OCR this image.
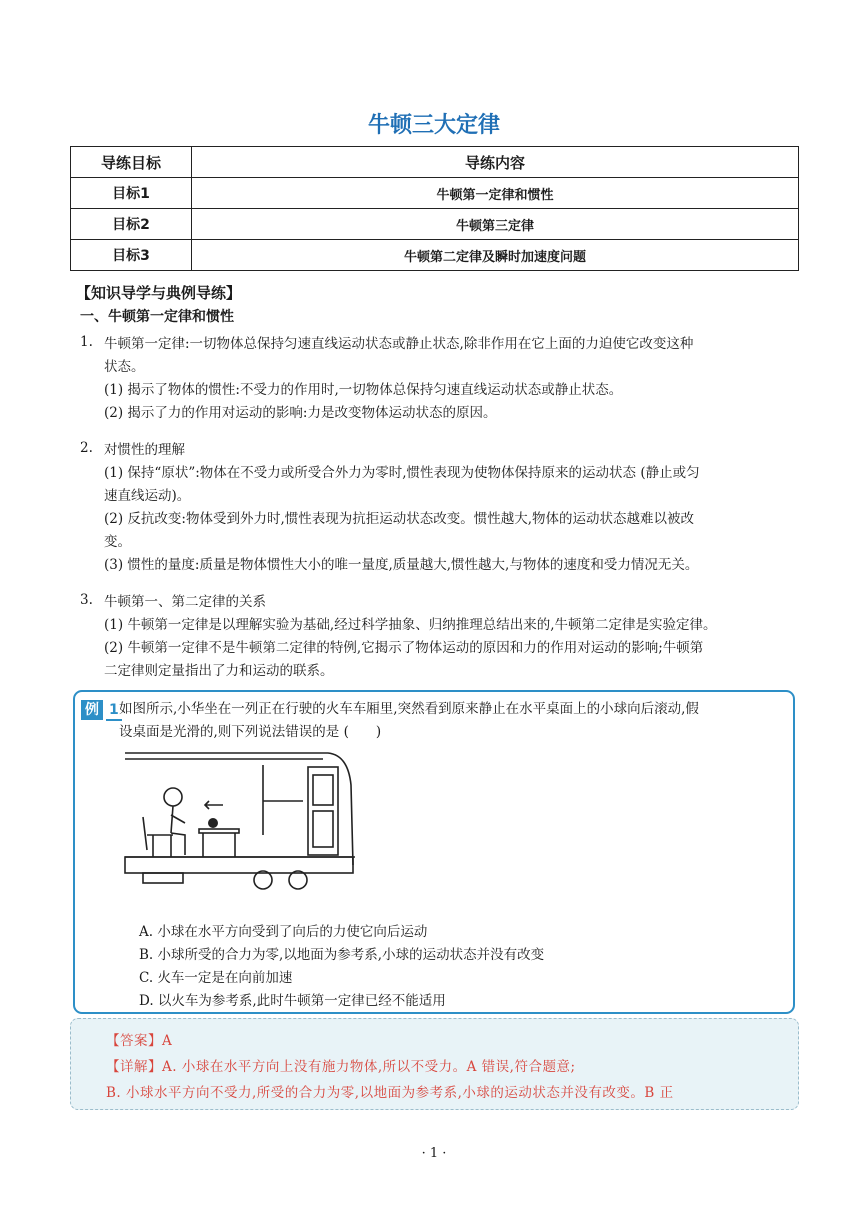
牛顿三大定律
导练目标	导练内容
目标1	牛顿第一定律和惯性
目标2	牛顿第三定律
目标3	牛顿第二定律及瞬时加速度问题
【知识导学与典例导练】
一、牛顿第一定律和惯性
1. 牛顿第一定律:一切物体总保持匀速直线运动状态或静止状态,除非作用在它上面的力迫使它改变这种
状态。
(1) 揭示了物体的惯性:不受力的作用时,一切物体总保持匀速直线运动状态或静止状态。
(2) 揭示了力的作用对运动的影响:力是改变物体运动状态的原因。
2. 对惯性的理解
(1) 保持“原状”:物体在不受力或所受合外力为零时,惯性表现为使物体保持原来的运动状态 (静止或匀
速直线运动)。
(2) 反抗改变:物体受到外力时,惯性表现为抗拒运动状态改变。惯性越大,物体的运动状态越难以被改
变。
(3) 惯性的量度:质量是物体惯性大小的唯一量度,质量越大,惯性越大,与物体的速度和受力情况无关。
3. 牛顿第一、第二定律的关系
(1) 牛顿第一定律是以理解实验为基础,经过科学抽象、归纳推理总结出来的,牛顿第二定律是实验定律。
(2) 牛顿第一定律不是牛顿第二定律的特例,它揭示了物体运动的原因和力的作用对运动的影响;牛顿第
二定律则定量指出了力和运动的联系。
例 1 如图所示,小华坐在一列正在行驶的火车车厢里,突然看到原来静止在水平桌面上的小球向后滚动,假
设桌面是光滑的,则下列说法错误的是 (　　)
A. 小球在水平方向受到了向后的力使它向后运动
B. 小球所受的合力为零,以地面为参考系,小球的运动状态并没有改变
C. 火车一定是在向前加速
D. 以火车为参考系,此时牛顿第一定律已经不能适用
【答案】A
【详解】A. 小球在水平方向上没有施力物体,所以不受力。A 错误,符合题意;
B. 小球水平方向不受力,所受的合力为零,以地面为参考系,小球的运动状态并没有改变。B 正
· 1 ·
